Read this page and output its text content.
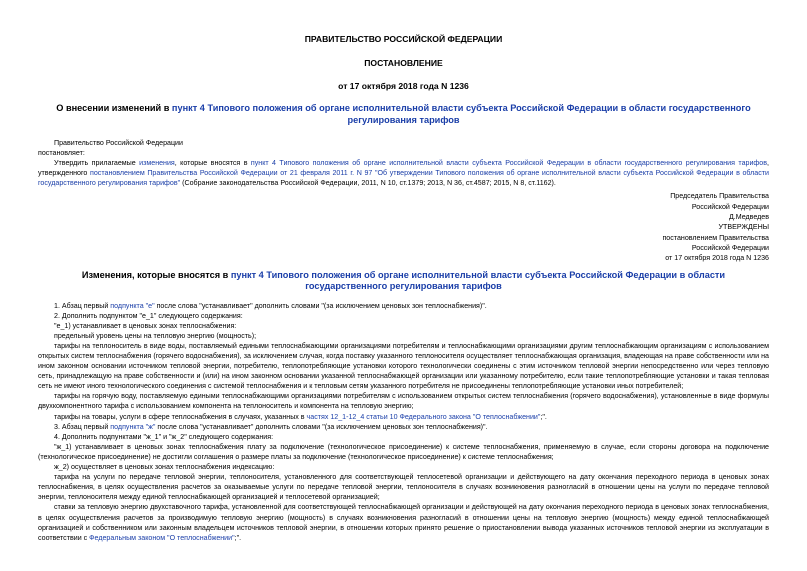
ПРАВИТЕЛЬСТВО РОССИЙСКОЙ ФЕДЕРАЦИИ
ПОСТАНОВЛЕНИЕ
от 17 октября 2018 года N 1236
О внесении изменений в пункт 4 Типового положения об органе исполнительной власти субъекта Российской Федерации в области государственного регулирования тарифов

Правительство Российской Федерации

постановляет:

Утвердить прилагаемые изменения, которые вносятся в пункт 4 Типового положения об органе исполнительной власти субъекта Российской Федерации в области государственного регулирования тарифов, утвержденного постановлением Правительства Российской Федерации от 21 февраля 2011 г. N 97 "Об утверждении Типового положения об органе исполнительной власти субъекта Российской Федерации в области государственного регулирования тарифов" (Собрание законодательства Российской Федерации, 2011, N 10, ст.1379; 2013, N 36, ст.4587; 2015, N 8, ст.1162).

Председатель Правительства

Российской Федерации

Д.Медведев

УТВЕРЖДЕНЫ

постановлением Правительства

Российской Федерации

от 17 октября 2018 года N 1236

Изменения, которые вносятся в пункт 4 Типового положения об органе исполнительной власти субъекта Российской Федерации в области государственного регулирования тарифов

1. Абзац первый подпункта "е" после слова "устанавливает" дополнить словами "(за исключением ценовых зон теплоснабжения)".

2. Дополнить подпунктом "е_1" следующего содержания:

"е_1) устанавливает в ценовых зонах теплоснабжения:

предельный уровень цены на тепловую энергию (мощность);

тарифы на теплоноситель в виде воды, поставляемый едиными теплоснабжающими организациями потребителям и теплоснабжающими организациями другим теплоснабжающим организациям с использованием открытых систем теплоснабжения (горячего водоснабжения), за исключением случая, когда поставку указанного теплоносителя осуществляет теплоснабжающая организация, владеющая на праве собственности или на ином законном основании источником тепловой энергии, потребителю, теплопотребляющие установки которого технологически соединены с этим источником тепловой энергии непосредственно или через тепловую сеть, принадлежащую на праве собственности и (или) на ином законном основании указанной теплоснабжающей организации или указанному потребителю, если такие теплопотребляющие установки и такая тепловая сеть не имеют иного технологического соединения с системой теплоснабжения и к тепловым сетям указанного потребителя не присоединены теплопотребляющие установки иных потребителей;

тарифы на горячую воду, поставляемую едиными теплоснабжающими организациями потребителям с использованием открытых систем теплоснабжения (горячего водоснабжения), установленные в виде формулы двухкомпонентного тарифа с использованием компонента на теплоноситель и компонента на тепловую энергию;

тарифы на товары, услуги в сфере теплоснабжения в случаях, указанных в частях 12_1-12_4 статьи 10 Федерального закона "О теплоснабжении";".

3. Абзац первый подпункта "ж" после слова "устанавливает" дополнить словами "(за исключением ценовых зон теплоснабжения)".

4. Дополнить подпунктами "ж_1" и "ж_2" следующего содержания:

"ж_1) устанавливает в ценовых зонах теплоснабжения плату за подключение (технологическое присоединение) к системе теплоснабжения, применяемую в случае, если стороны договора на подключение (технологическое присоединение) не достигли соглашения о размере платы за подключение (технологическое присоединение) к системе теплоснабжения;

ж_2) осуществляет в ценовых зонах теплоснабжения индексацию:

тарифа на услуги по передаче тепловой энергии, теплоносителя, установленного для соответствующей теплосетевой организации и действующего на дату окончания переходного периода в ценовых зонах теплоснабжения, в целях осуществления расчетов за оказываемые услуги по передаче тепловой энергии, теплоносителя в случаях возникновения разногласий в отношении цены на услуги по передаче тепловой энергии, теплоносителя между единой теплоснабжающей организацией и теплосетевой организацией;

ставки за тепловую энергию двухставочного тарифа, установленной для соответствующей теплоснабжающей организации и действующей на дату окончания переходного периода в ценовых зонах теплоснабжения, в целях осуществления расчетов за производимую тепловую энергию (мощность) в случаях возникновения разногласий в отношении цены на тепловую энергию (мощность) между единой теплоснабжающей организацией и собственником или законным владельцем источников тепловой энергии, в отношении которых принято решение о приостановлении вывода указанных источников тепловой энергии из эксплуатации в соответствии с Федеральным законом "О теплоснабжении";".
